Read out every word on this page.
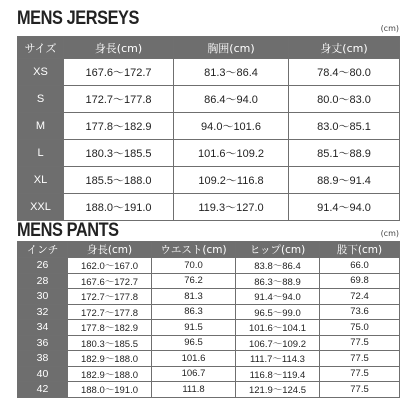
MENS JERSEYS	(cm)
サイズ	身長(cm)	胸囲(cm)	身丈(cm)
XS	167.6～172.7	81.3～86.4	78.4～80.0
S	172.7～177.8	86.4～94.0	80.0～83.0
M	177.8～182.9	94.0～101.6	83.0～85.1
L	180.3～185.5	101.6～109.2	85.1～88.9
XL	185.5～188.0	109.2～116.8	88.9～91.4
XXL	188.0～191.0	119.3～127.0	91.4～94.0
MENS PANTS	(cm)
インチ	身長(cm)	ウエスト(cm)	ヒップ(cm)	股下(cm)
26	162.0～167.0	70.0	83.8～86.4	66.0
28	167.6～172.7	76.2	86.3～88.9	69.8
30	172.7～177.8	81.3	91.4～94.0	72.4
32	172.7～177.8	86.3	96.5～99.0	73.6
34	177.8～182.9	91.5	101.6～104.1	75.0
36	180.3～185.5	96.5	106.7～109.2	77.5
38	182.9～188.0	101.6	111.7～114.3	77.5
40	182.9～188.0	106.7	116.8～119.4	77.5
42	188.0～191.0	111.8	121.9～124.5	77.5
